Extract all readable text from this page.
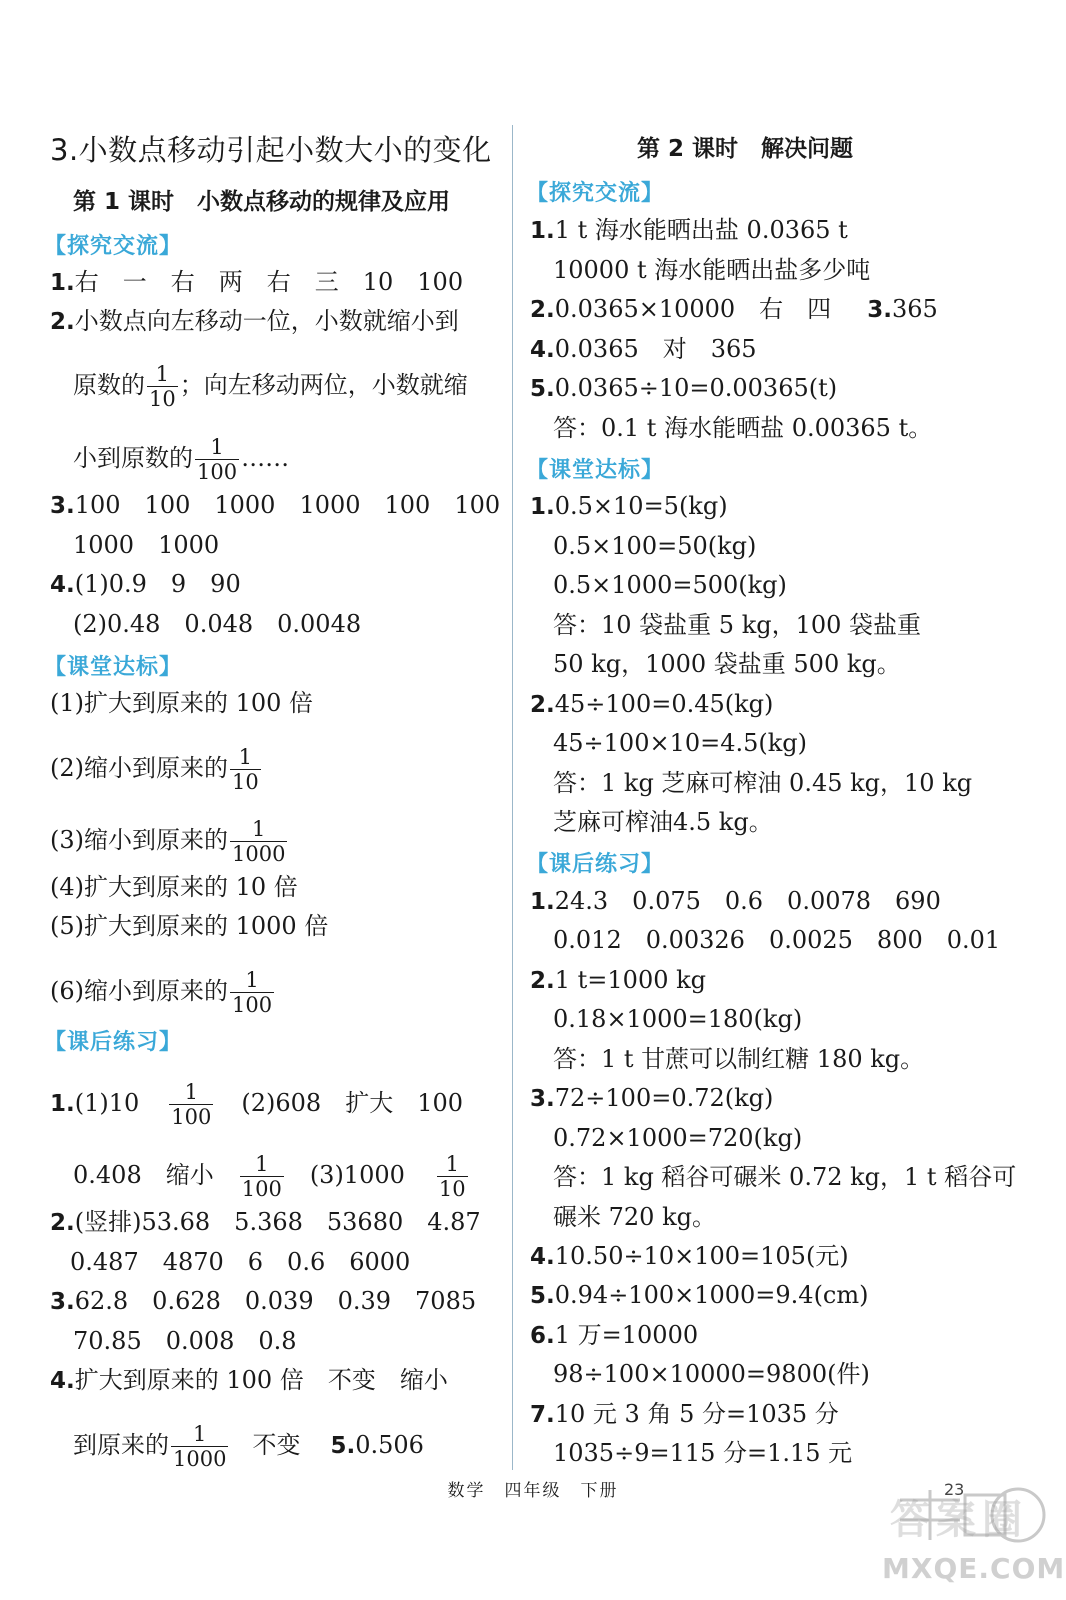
3.小数点移动引起小数大小的变化
第 1 课时　小数点移动的规律及应用
【探究交流】
1.右　一　右　两　右　三　10　100
2.小数点向左移动一位，小数就缩小到
原数的 $\frac{1}{10}$ ；向左移动两位，小数就缩
小到原数的 $\frac{1}{100}$ ……
3.100　100　1000　1000　100　100
1000　1000
4.(1)0.9　9　90
(2)0.48　0.048　0.0048
【课堂达标】
(1)扩大到原来的 100 倍
(2)缩小到原来的 $\frac{1}{10}$
(3)缩小到原来的 $\frac{1}{1000}$
(4)扩大到原来的 10 倍
(5)扩大到原来的 1000 倍
(6)缩小到原来的 $\frac{1}{100}$
【课后练习】
$1.(1)10 \frac{1}{100} (2)608$　扩大　100
0.408　缩小 $\frac{1}{100} (3)1000 \frac{1}{10}$
2.(竖排)53.68　5.368　53680　4.87
0.487　4870　6　0.6　6000
3.62.8　0.628　0.039　0.39　7085
70.85　0.008　0.8
4.扩大到原来的 100 倍　不变　缩小
到原来的 $\frac{1}{1000}$ 不变 5.0.506
第 2 课时　解决问题
【探究交流】
1.1 t 海水能晒出盐 0.0365 t
10000 t 海水能晒出盐多少吨
2.0.0365×10000　右　四 3.365
4.0.0365　对　365
5.0.0365÷10=0.00365(t)
答：0.1 t 海水能晒盐 0.00365 t。
【课堂达标】
1.0.5×10=5(kg)
0.5×100=50(kg)
0.5×1000=500(kg)
答：10 袋盐重 5 kg，100 袋盐重
50 kg，1000 袋盐重 500 kg。
2.45÷100=0.45(kg)
45÷100×10=4.5(kg)
答：1 kg 芝麻可榨油 0.45 kg，10 kg
芝麻可榨油4.5 kg。
【课后练习】
1.24.3　0.075　0.6　0.0078　690
0.012　0.00326　0.0025　800　0.01
2.1 t=1000 kg
0.18×1000=180(kg)
答：1 t 甘蔗可以制红糖 180 kg。
3.72÷100=0.72(kg)
0.72×1000=720(kg)
答：1 kg 稻谷可碾米 0.72 kg，1 t 稻谷可
碾米 720 kg。
4.10.50÷10×100=105(元)
5.0.94÷100×1000=9.4(cm)
6.1 万=10000
98÷100×10000=9800(件)
7.10 元 3 角 5 分=1035 分
1035÷9=115 分=1.15 元
数学　四年级　下册	23
答案圈
MXQE.COM
